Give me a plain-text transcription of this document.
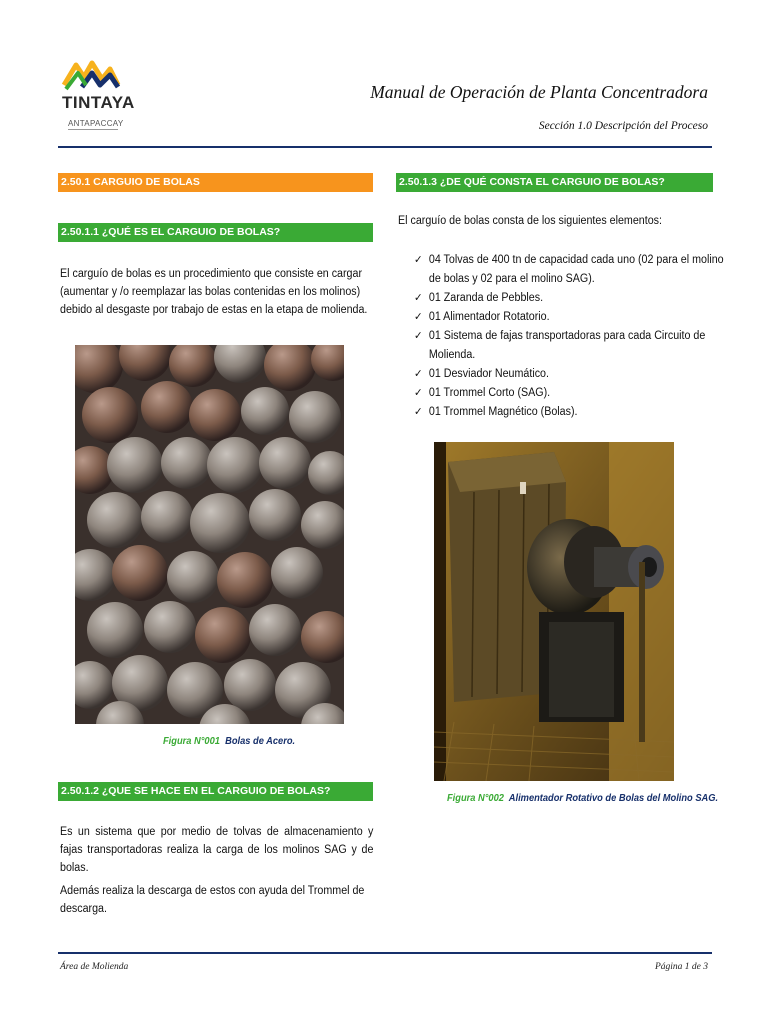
TINTAYA
ANTAPACCAY
Manual de Operación de Planta Concentradora
Sección 1.0 Descripción del Proceso
2.50.1 CARGUIO DE BOLAS
2.50.1.1 ¿QUÉ ES EL CARGUIO DE BOLAS?
El carguío de bolas es un procedimiento que consiste en cargar (aumentar y /o reemplazar las bolas contenidas en los molinos) debido al desgaste por trabajo de estas en la etapa de molienda.
Figura N°001 Bolas de Acero.
2.50.1.2 ¿QUE SE HACE EN EL CARGUIO DE BOLAS?
Es un sistema que por medio de tolvas de almacenamiento y fajas transportadoras realiza la carga de los molinos SAG y de bolas.
Además realiza la descarga de estos con ayuda del Trommel de descarga.
2.50.1.3 ¿DE QUÉ CONSTA EL CARGUIO DE BOLAS?
El carguío de bolas consta de los siguientes elementos:
✓ 04 Tolvas de 400 tn de capacidad cada uno (02 para el molino de bolas y 02 para el molino SAG).
✓ 01 Zaranda de Pebbles.
✓ 01 Alimentador Rotatorio.
✓ 01 Sistema de fajas transportadoras para cada Circuito de Molienda.
✓ 01 Desviador Neumático.
✓ 01 Trommel Corto (SAG).
✓ 01 Trommel Magnético (Bolas).
Figura N°002 Alimentador Rotativo de Bolas del Molino SAG.
Área de Molienda	Página 1 de 3
